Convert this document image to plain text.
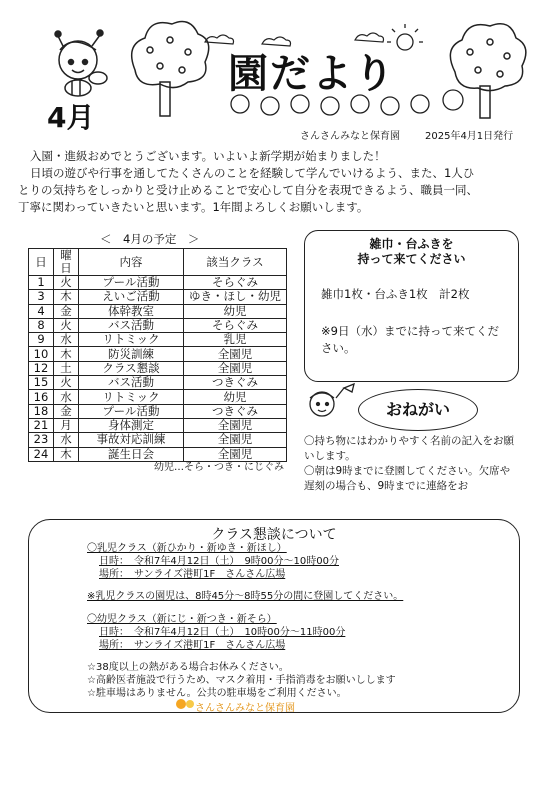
園だより
4月
さんさんみなと保育園	2025年4月1日発行

入園・進級おめでとうございます。いよいよ新学期が始まりました！

日頃の遊びや行事を通してたくさんのことを経験して学んでいけるよう、また、1人ひ

とりの気持ちをしっかりと受け止めることで安心して自分を表現できるよう、職員一同、

丁寧に関わっていきたいと思います。1年間よろしくお願いします。

＜　4月の予定　＞
日	曜日	内容	該当クラス
1	火	プール活動	そらぐみ
3	木	えいご活動	ゆき・ほし・幼児
4	金	体幹教室	幼児
8	火	バス活動	そらぐみ
9	水	リトミック	乳児
10	木	防災訓練	全園児
12	土	クラス懇談	全園児
15	火	バス活動	つきぐみ
16	水	リトミック	幼児
18	金	プール活動	つきぐみ
21	月	身体測定	全園児
23	水	事故対応訓練	全園児
24	木	誕生日会	全園児
幼児…そら・つき・にじぐみ
雑巾・台ふきを
持って来てください
雑巾1枚・台ふき1枚　計2枚
※9日（水）までに持って来てください。
おねがい

〇持ち物にはわかりやすく名前の記入をお願いします。

〇朝は9時までに登園してください。欠席や遅刻の場合も、9時までに連絡をお

クラス懇談について
〇乳児クラス（新ひかり・新ゆき・新ほし）
日時：　令和7年4月12日（土）　9時00分～10時00分
場所：　サンライズ港町1F　さんさん広場
※乳児クラスの園児は、8時45分～8時55分の間に登園してください。
〇幼児クラス（新にじ・新つき・新そら）
日時：　令和7年4月12日（土）　10時00分～11時00分
場所：　サンライズ港町1F　さんさん広場
☆38度以上の熱がある場合お休みください。
☆高齢医者施設で行うため、マスク着用・手指消毒をお願いしします
☆駐車場はありません。公共の駐車場をご利用ください。
さんさんみなと保育園
